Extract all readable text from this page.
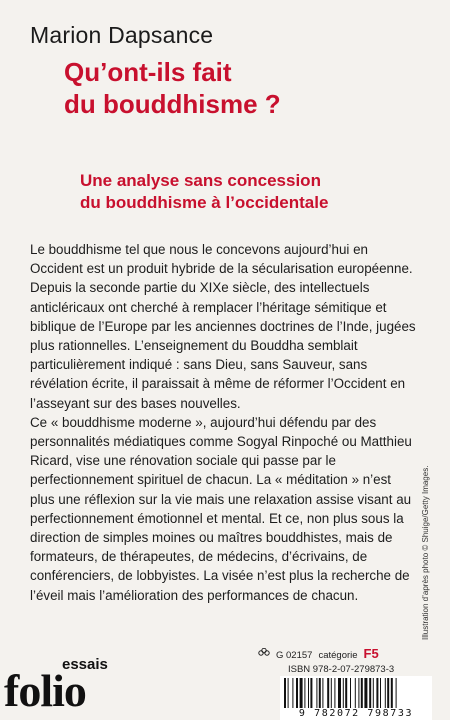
Marion Dapsance
Qu’ont-ils fait
du bouddhisme ?
Une analyse sans concession
du bouddhisme à l’occidentale

Le bouddhisme tel que nous le concevons aujourd’hui en Occident est un produit hybride de la sécularisation européenne.

Depuis la seconde partie du XIXe siècle, des intellectuels anticléricaux ont cherché à remplacer l’héritage sémitique et biblique de l’Europe par les anciennes doctrines de l’Inde, jugées plus rationnelles. L’enseignement du Bouddha semblait particulièrement indiqué : sans Dieu, sans Sauveur, sans révélation écrite, il paraissait à même de réformer l’Occident en l’asseyant sur des bases nouvelles.

Ce « bouddhisme moderne », aujourd’hui défendu par des personnalités médiatiques comme Sogyal Rinpoché ou Matthieu Ricard, vise une rénovation sociale qui passe par le perfectionnement spirituel de chacun. La « méditation » n’est plus une réflexion sur la vie mais une relaxation assise visant au perfectionnement émotionnel et mental. Et ce, non plus sous la direction de simples moines ou maîtres bouddhistes, mais de formateurs, de thérapeutes, de médecins, d’écrivains, de conférenciers, de lobbyistes. La visée n’est plus la recherche de l’éveil mais l’amélioration des performances de chacun.	Illustration d’après photo © Shuige/Getty Images.
G 02157 catégorie F5
ISBN 978-2-07-279873-3
9 782072 798733
folio
essais
